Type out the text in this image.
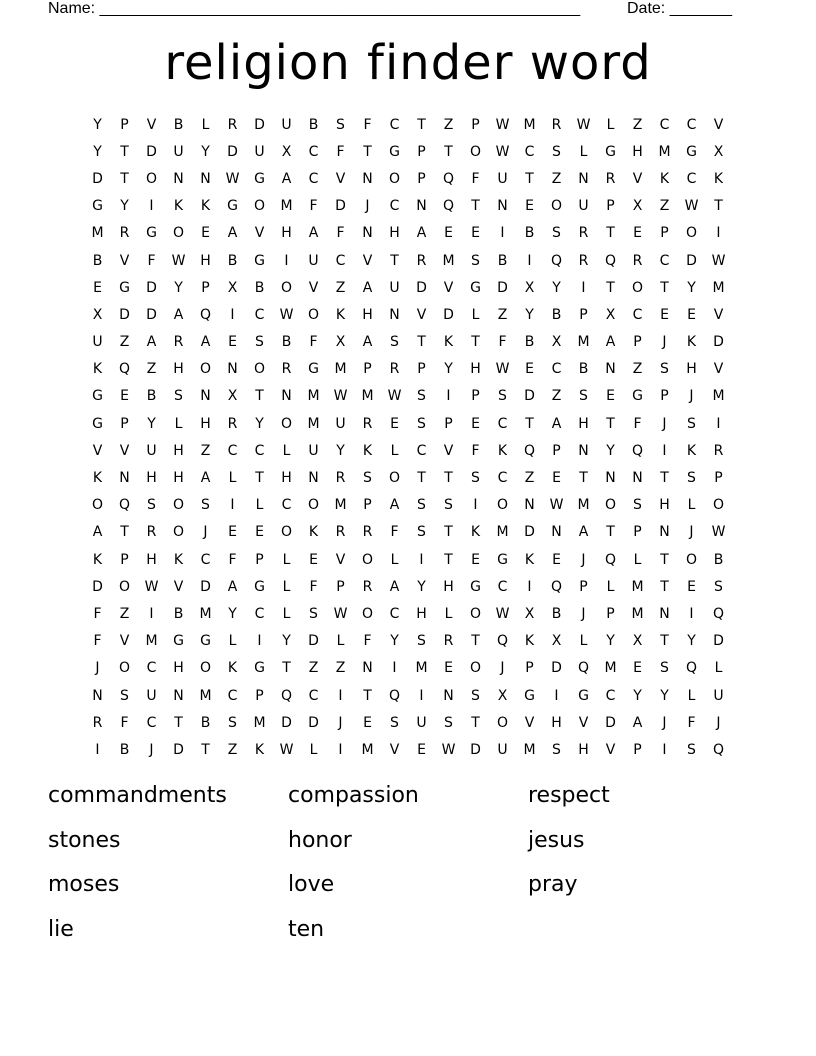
Name: ______________________________________________________	Date: _______
religion finder word
Y	P	V	B	L	R	D	U	B	S	F	C	T	Z	P	W	M	R	W	L	Z	C	C	V
Y	T	D	U	Y	D	U	X	C	F	T	G	P	T	O	W	C	S	L	G	H	M	G	X
D	T	O	N	N	W	G	A	C	V	N	O	P	Q	F	U	T	Z	N	R	V	K	C	K
G	Y	I	K	K	G	O	M	F	D	J	C	N	Q	T	N	E	O	U	P	X	Z	W	T
M	R	G	O	E	A	V	H	A	F	N	H	A	E	E	I	B	S	R	T	E	P	O	I
B	V	F	W	H	B	G	I	U	C	V	T	R	M	S	B	I	Q	R	Q	R	C	D	W
E	G	D	Y	P	X	B	O	V	Z	A	U	D	V	G	D	X	Y	I	T	O	T	Y	M
X	D	D	A	Q	I	C	W	O	K	H	N	V	D	L	Z	Y	B	P	X	C	E	E	V
U	Z	A	R	A	E	S	B	F	X	A	S	T	K	T	F	B	X	M	A	P	J	K	D
K	Q	Z	H	O	N	O	R	G	M	P	R	P	Y	H	W	E	C	B	N	Z	S	H	V
G	E	B	S	N	X	T	N	M	W	M	W	S	I	P	S	D	Z	S	E	G	P	J	M
G	P	Y	L	H	R	Y	O	M	U	R	E	S	P	E	C	T	A	H	T	F	J	S	I
V	V	U	H	Z	C	C	L	U	Y	K	L	C	V	F	K	Q	P	N	Y	Q	I	K	R
K	N	H	H	A	L	T	H	N	R	S	O	T	T	S	C	Z	E	T	N	N	T	S	P
O	Q	S	O	S	I	L	C	O	M	P	A	S	S	I	O	N	W	M	O	S	H	L	O
A	T	R	O	J	E	E	O	K	R	R	F	S	T	K	M	D	N	A	T	P	N	J	W
K	P	H	K	C	F	P	L	E	V	O	L	I	T	E	G	K	E	J	Q	L	T	O	B
D	O	W	V	D	A	G	L	F	P	R	A	Y	H	G	C	I	Q	P	L	M	T	E	S
F	Z	I	B	M	Y	C	L	S	W	O	C	H	L	O	W	X	B	J	P	M	N	I	Q
F	V	M	G	G	L	I	Y	D	L	F	Y	S	R	T	Q	K	X	L	Y	X	T	Y	D
J	O	C	H	O	K	G	T	Z	Z	N	I	M	E	O	J	P	D	Q	M	E	S	Q	L
N	S	U	N	M	C	P	Q	C	I	T	Q	I	N	S	X	G	I	G	C	Y	Y	L	U
R	F	C	T	B	S	M	D	D	J	E	S	U	S	T	O	V	H	V	D	A	J	F	J
I	B	J	D	T	Z	K	W	L	I	M	V	E	W	D	U	M	S	H	V	P	I	S	Q
commandments	compassion	respect
stones	honor	jesus
moses	love	pray
lie	ten
